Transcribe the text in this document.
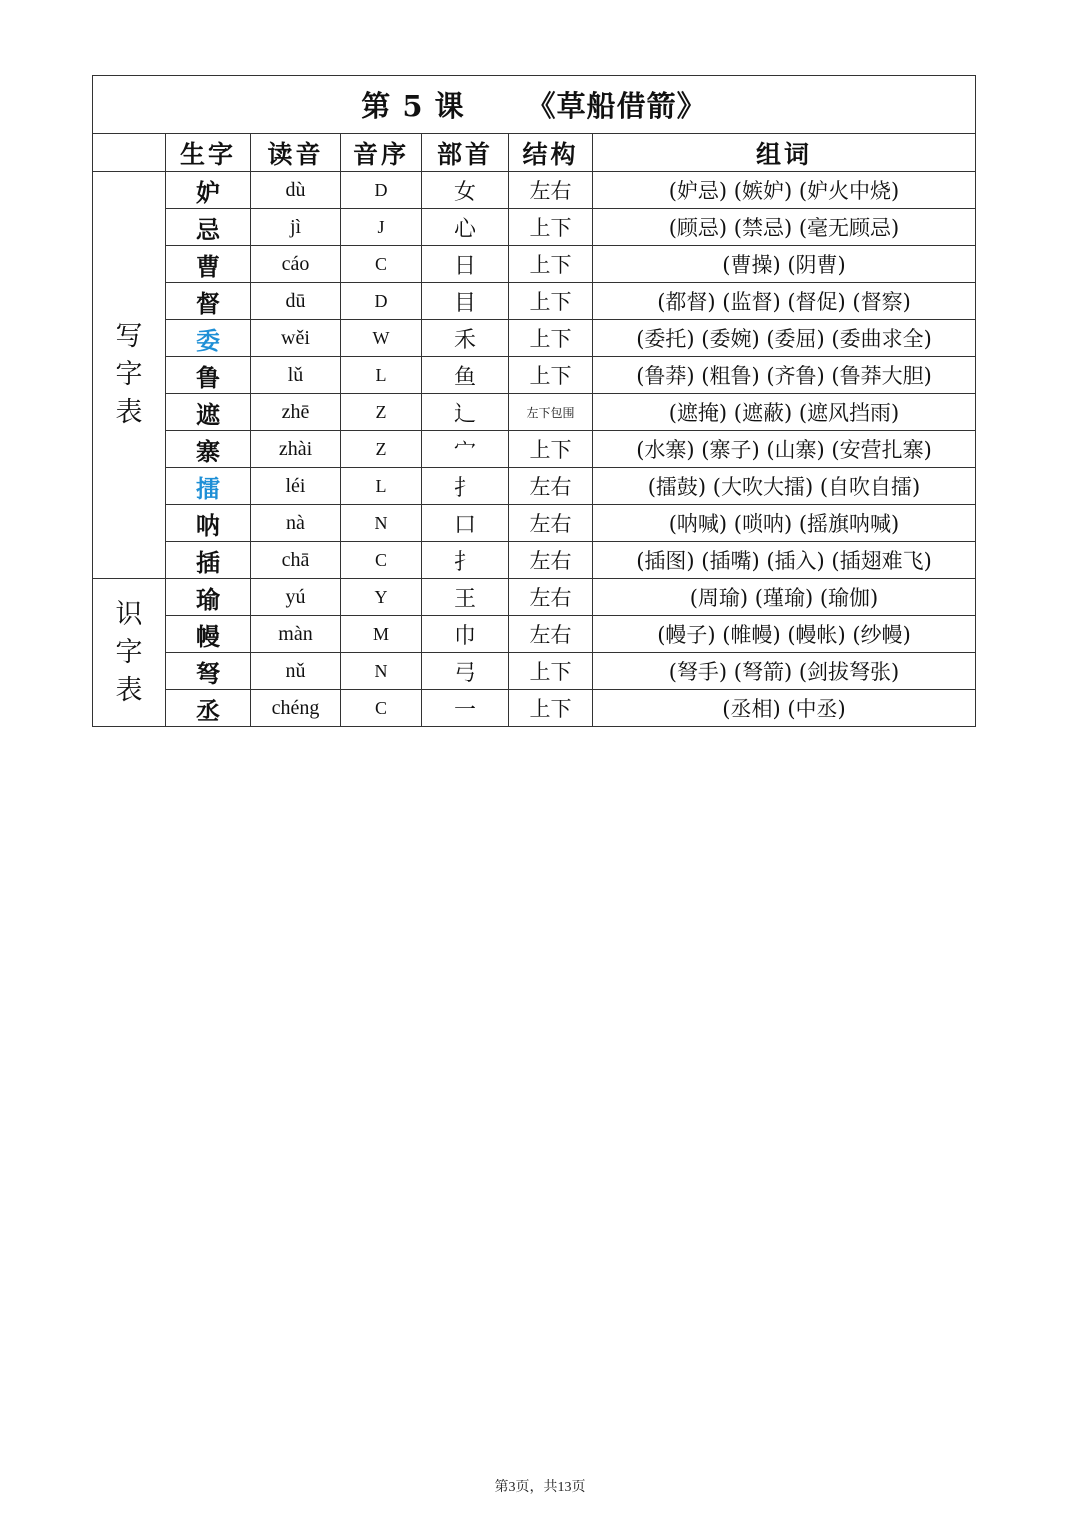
第 5 课 《草船借箭》						
	生字	读音	音序	部首	结构	组词

写
字
表	妒	dù	D	女	左右	(妒忌) (嫉妒) (妒火中烧)
	忌	jì	J	心	上下	(顾忌) (禁忌) (毫无顾忌)
	曹	cáo	C	日	上下	(曹操) (阴曹)
	督	dū	D	目	上下	(都督) (监督) (督促) (督察)
	委	wěi	W	禾	上下	(委托) (委婉) (委屈) (委曲求全)
	鲁	lǔ	L	鱼	上下	(鲁莽) (粗鲁) (齐鲁) (鲁莽大胆)
	遮	zhē	Z	辶	左下包围	(遮掩) (遮蔽) (遮风挡雨)
	寨	zhài	Z	宀	上下	(水寨) (寨子) (山寨) (安营扎寨)
	擂	léi	L	扌	左右	(擂鼓) (大吹大擂) (自吹自擂)
	呐	nà	N	口	左右	(呐喊) (唢呐) (摇旗呐喊)
	插	chā	C	扌	左右	(插图) (插嘴) (插入) (插翅难飞)

识
字
表	瑜	yú	Y	王	左右	(周瑜) (瑾瑜) (瑜伽)
	幔	màn	M	巾	左右	(幔子) (帷幔) (幔帐) (纱幔)
	弩	nǔ	N	弓	上下	(弩手) (弩箭) (剑拔弩张)
	丞	chéng	C	一	上下	(丞相) (中丞)
第3页，共13页
